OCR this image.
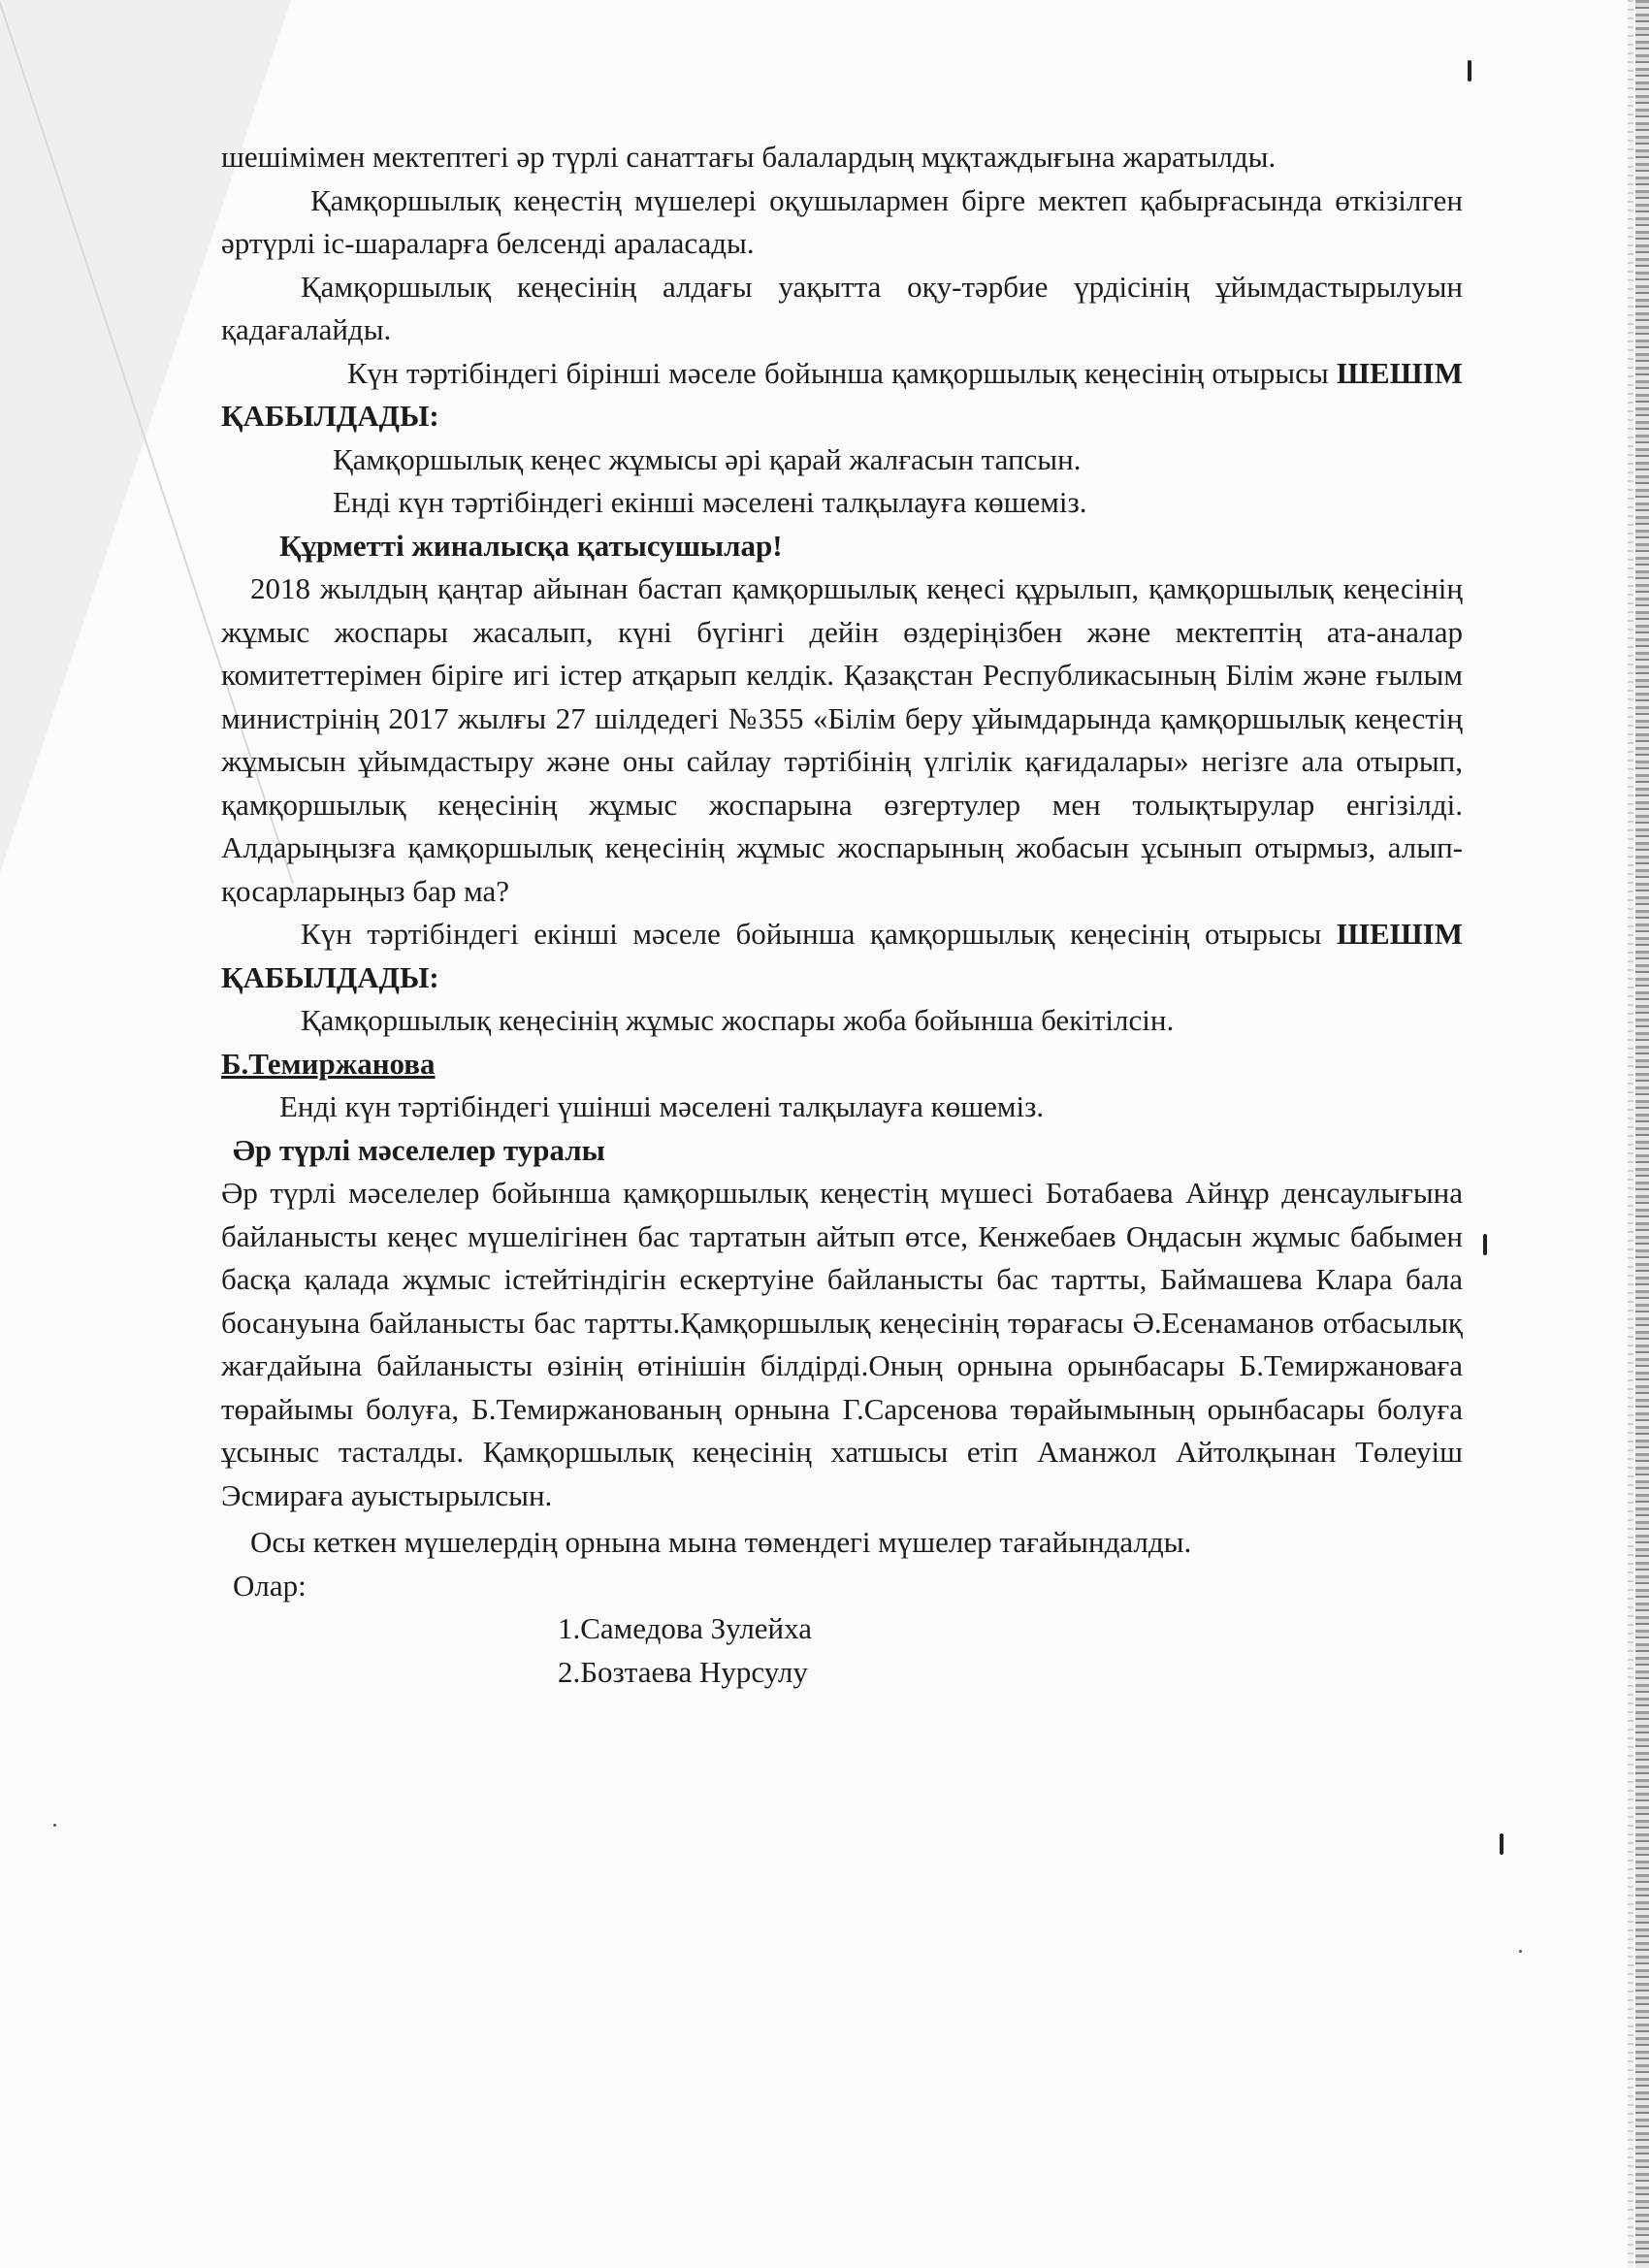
шешімімен мектептегі әр түрлі санаттағы балалардың мұқтаждығына жаратылды.

Қамқоршылық кеңестің мүшелері оқушылармен бірге мектеп қабырғасында өткізілген әртүрлі іс-шараларға белсенді араласады.

Қамқоршылық кеңесінің алдағы уақытта оқу-тәрбие үрдісінің ұйымдастырылуын қадағалайды.

Күн тәртібіндегі бірінші мәселе бойынша қамқоршылық кеңесінің отырысы ШЕШІМ ҚАБЫЛДАДЫ:

Қамқоршылық кеңес жұмысы әрі қарай жалғасын тапсын.

Енді күн тәртібіндегі екінші мәселені талқылауға көшеміз.

Құрметті жиналысқа қатысушылар!

2018 жылдың қаңтар айынан бастап қамқоршылық кеңесі құрылып, қамқоршылық кеңесінің жұмыс жоспары жасалып, күні бүгінгі дейін өздеріңізбен және мектептің ата-аналар комитеттерімен біріге игі істер атқарып келдік. Қазақстан Республикасының Білім және ғылым министрінің 2017 жылғы 27 шілдедегі №355 «Білім беру ұйымдарында қамқоршылық кеңестің жұмысын ұйымдастыру және оны сайлау тәртібінің үлгілік қағидалары» негізге ала отырып, қамқоршылық кеңесінің жұмыс жоспарына өзгертулер мен толықтырулар енгізілді. Алдарыңызға қамқоршылық кеңесінің жұмыс жоспарының жобасын ұсынып отырмыз, алып-қосарларыңыз бар ма?

Күн тәртібіндегі екінші мәселе бойынша қамқоршылық кеңесінің отырысы ШЕШІМ ҚАБЫЛДАДЫ:

Қамқоршылық кеңесінің жұмыс жоспары жоба бойынша бекітілсін.

Б.Темиржанова

Енді күн тәртібіндегі үшінші мәселені талқылауға көшеміз.

Әр түрлі мәселелер туралы

Әр түрлі мәселелер бойынша қамқоршылық кеңестің мүшесі Ботабаева Айнұр денсаулығына байланысты кеңес мүшелігінен бас тартатын айтып өтсе, Кенжебаев Оңдасын жұмыс бабымен басқа қалада жұмыс істейтіндігін ескертуіне байланысты бас тартты, Баймашева Клара бала босануына байланысты бас тартты.Қамқоршылық кеңесінің төрағасы Ә.Есенаманов отбасылық жағдайына байланысты өзінің өтінішін білдірді.Оның орнына орынбасары Б.Темиржановаға төрайымы болуға, Б.Темиржанованың орнына Г.Сарсенова төрайымының орынбасары болуға ұсыныс тасталды. Қамқоршылық кеңесінің хатшысы етіп Аманжол Айтолқынан Төлеуіш Эсмираға ауыстырылсын.

Осы кеткен мүшелердің орнына мына төмендегі мүшелер тағайындалды.

Олар:

1.Самедова Зулейха

2.Бозтаева Нурсулу
